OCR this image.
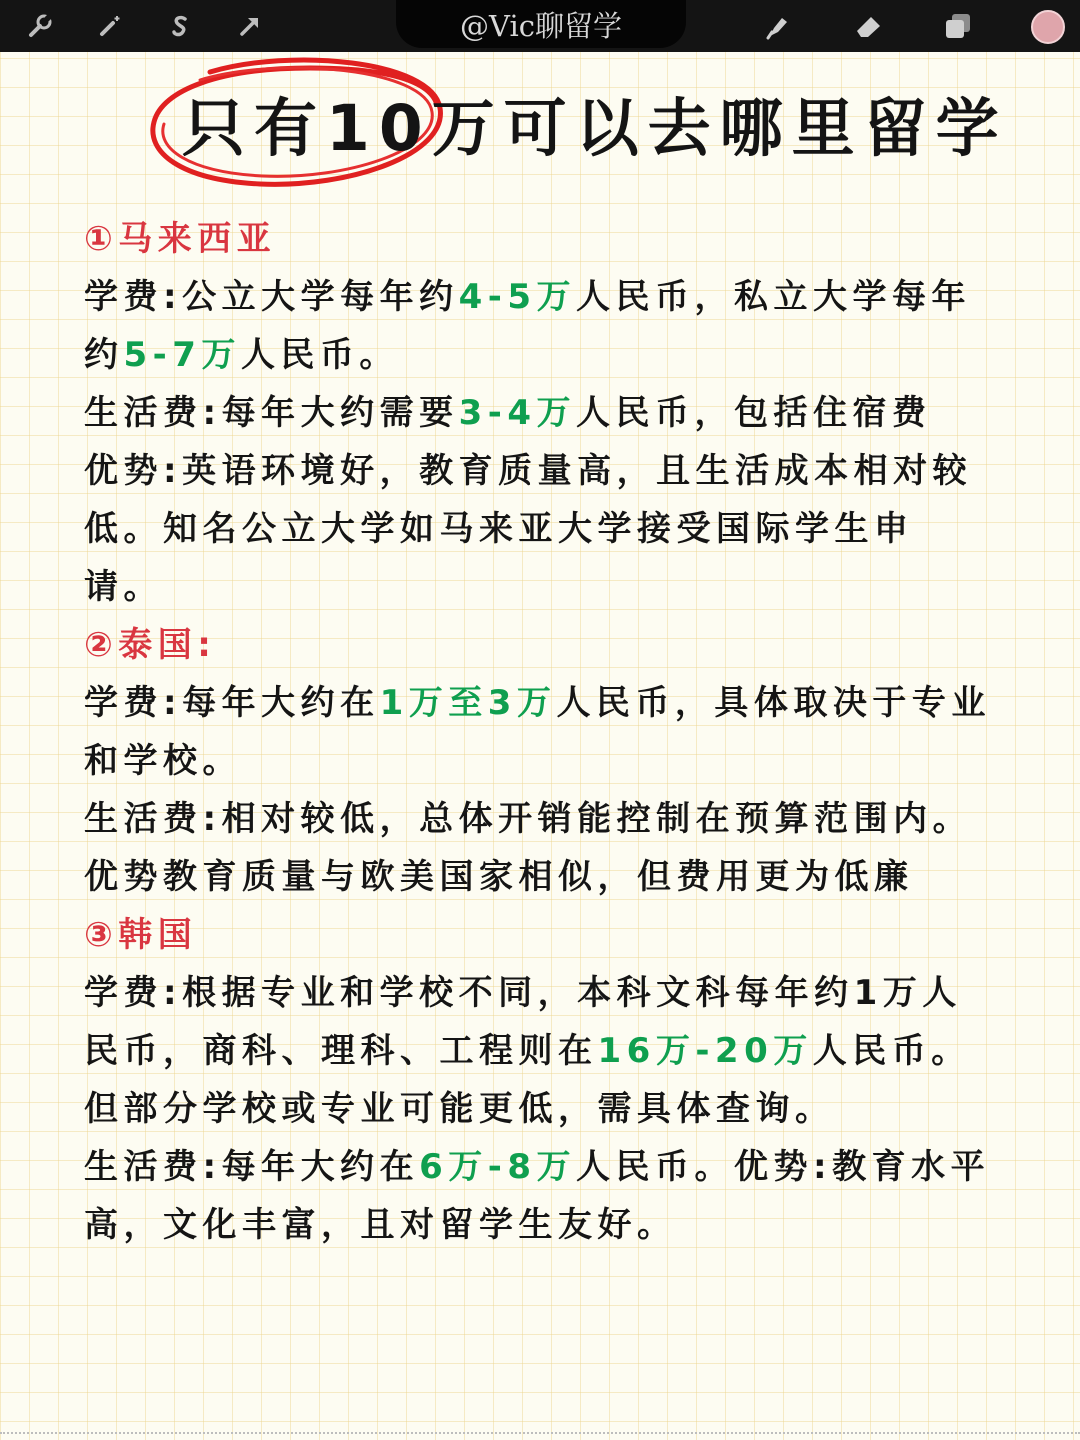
@Vic聊留学
只有10万可以去哪里留学
①马来西亚
学费:公立大学每年约4-5万人民币，私立大学每年
约5-7万人民币。
生活费:每年大约需要3-4万人民币，包括住宿费
优势:英语环境好，教育质量高，且生活成本相对较
低。知名公立大学如马来亚大学接受国际学生申
请。
②泰国:
学费:每年大约在1万至3万人民币，具体取决于专业
和学校。
生活费:相对较低，总体开销能控制在预算范围内。
优势教育质量与欧美国家相似，但费用更为低廉
③韩国
学费:根据专业和学校不同，本科文科每年约1万人
民币，商科、理科、工程则在16万-20万人民币。
但部分学校或专业可能更低，需具体查询。
生活费:每年大约在6万-8万人民币。优势:教育水平
高，文化丰富，且对留学生友好。
